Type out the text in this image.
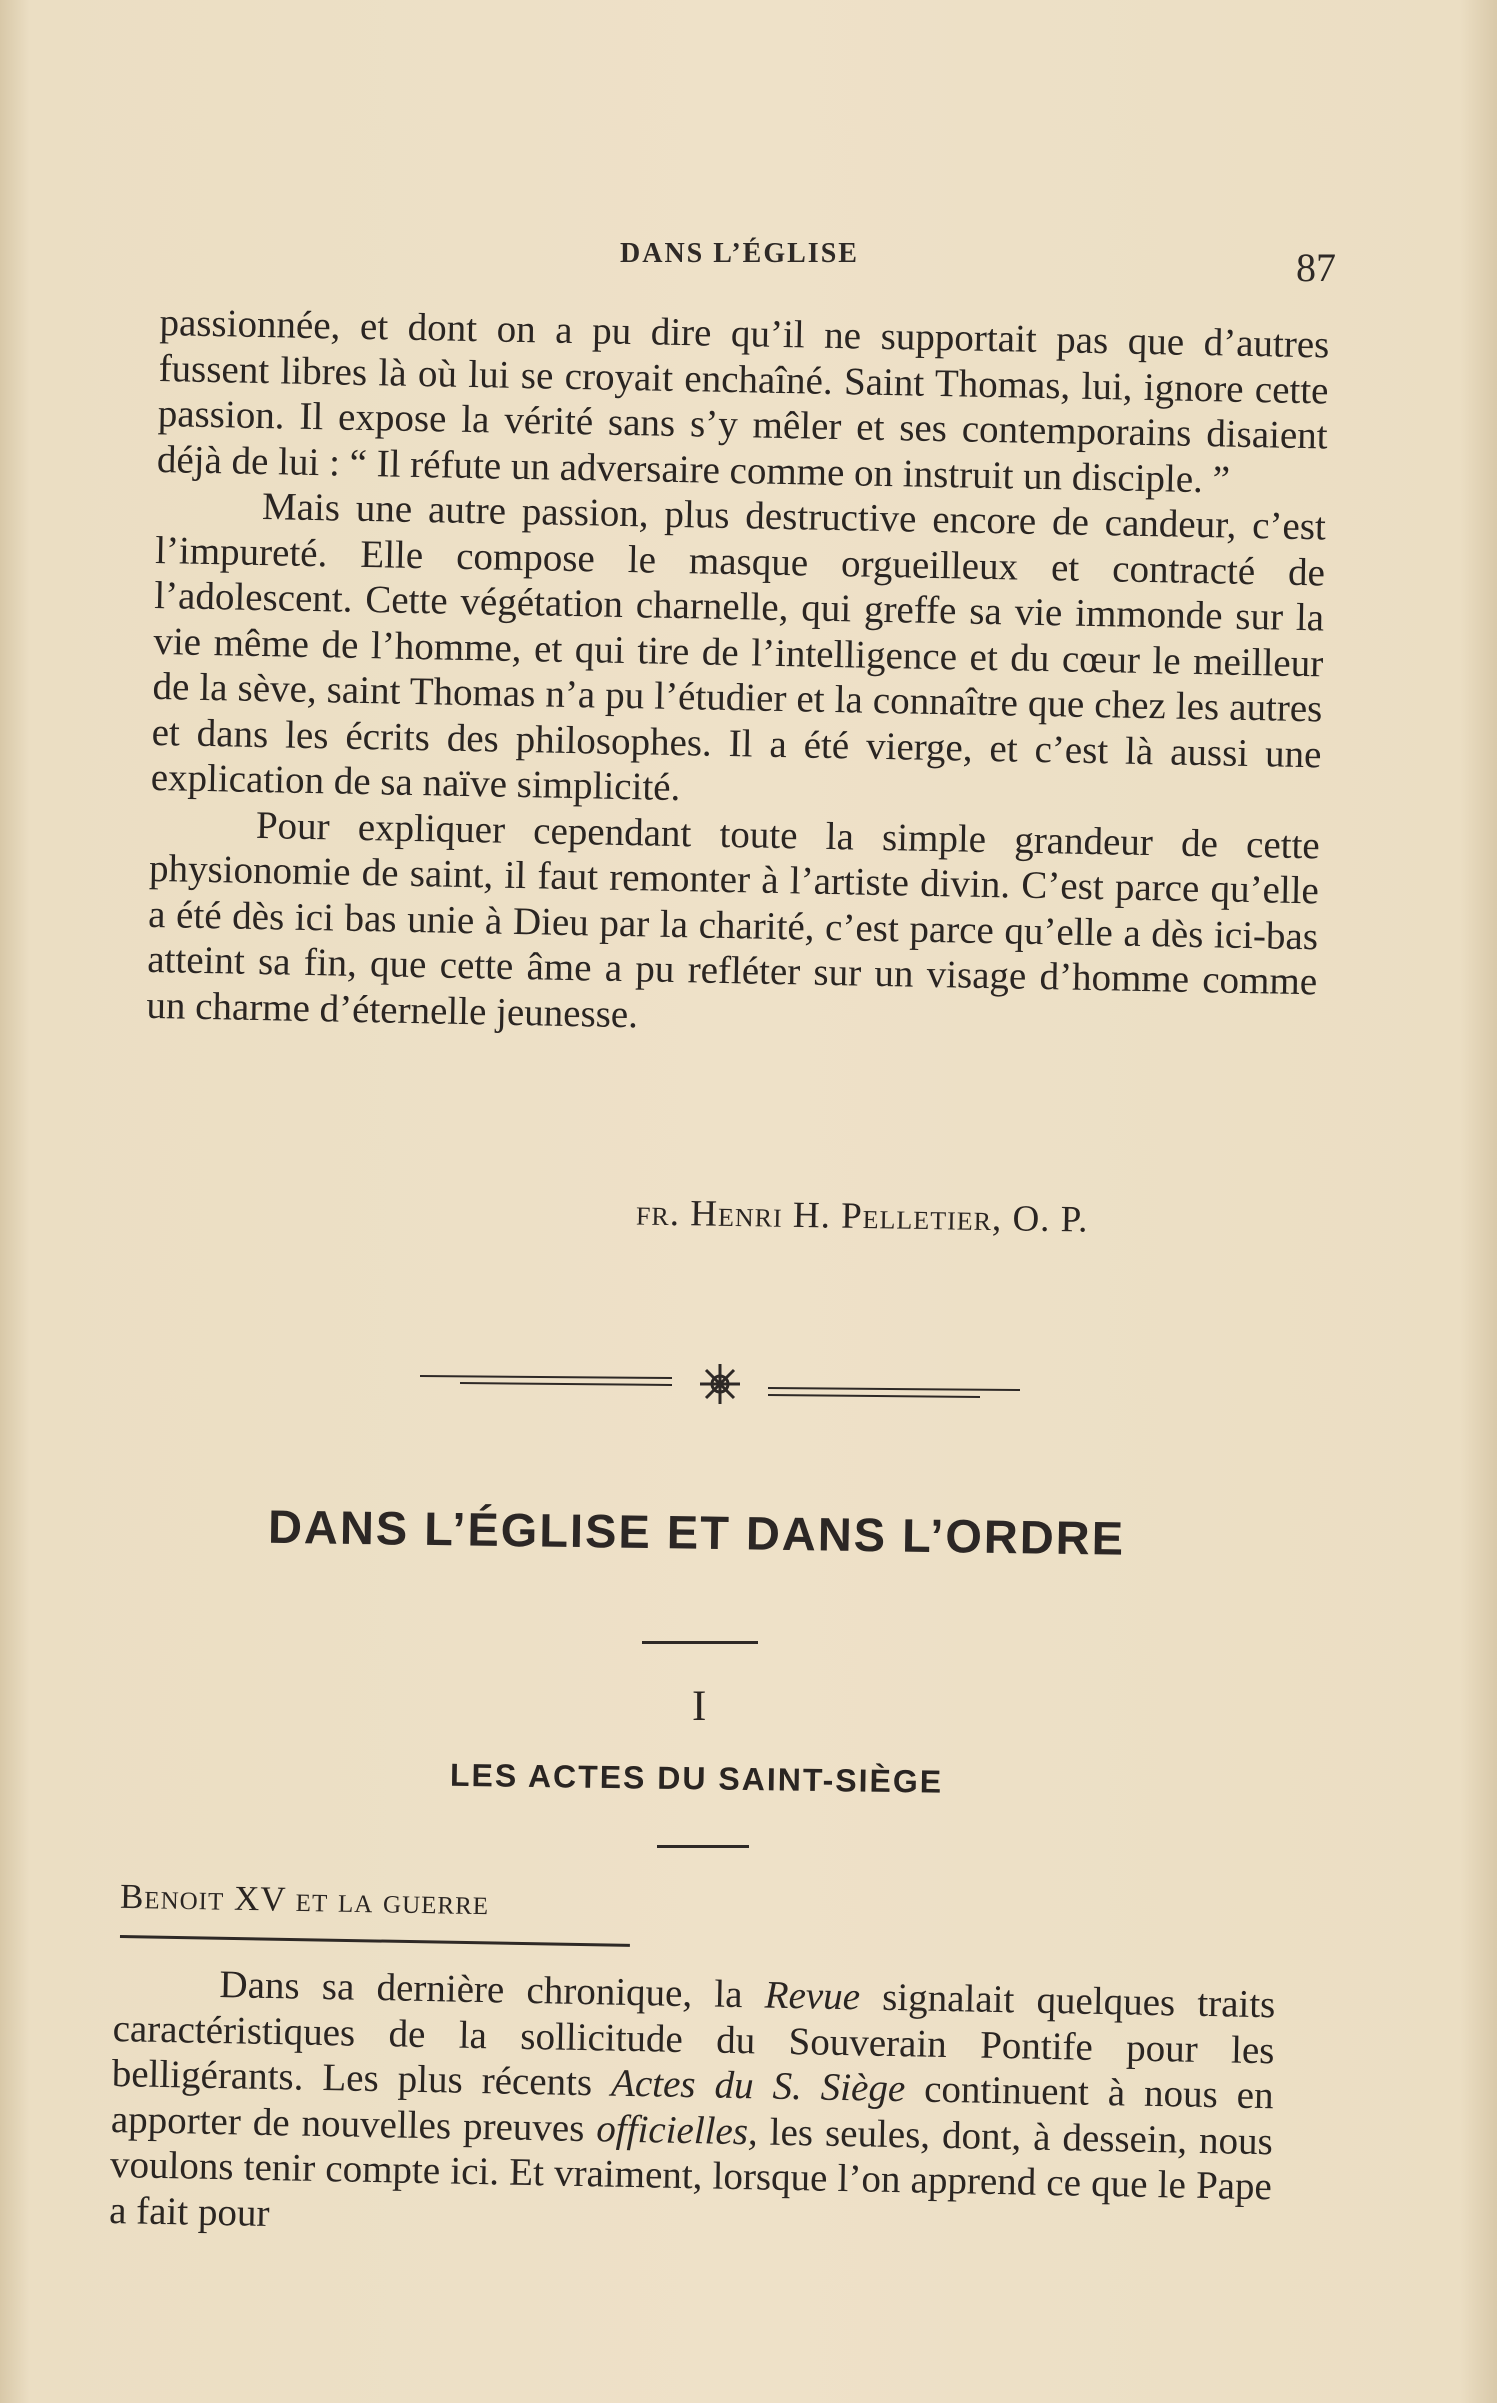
DANS L’ÉGLISE	87

passionnée, et dont on a pu dire qu’il ne supportait pas que d’autres fussent libres là où lui se croyait enchaîné. Saint Thomas, lui, ignore cette passion. Il expose la vérité sans s’y mêler et ses contemporains disaient déjà de lui : “ Il réfute un adversaire comme on instruit un disciple. ”

Mais une autre passion, plus destructive encore de candeur, c’est l’impureté. Elle compose le masque orgueilleux et contracté de l’adolescent. Cette végétation charnelle, qui greffe sa vie immonde sur la vie même de l’homme, et qui tire de l’intelligence et du cœur le meilleur de la sève, saint Thomas n’a pu l’étudier et la connaître que chez les autres et dans les écrits des philosophes. Il a été vierge, et c’est là aussi une explication de sa naïve simplicité.

Pour expliquer cependant toute la simple grandeur de cette physionomie de saint, il faut remonter à l’artiste divin. C’est parce qu’elle a été dès ici bas unie à Dieu par la charité, c’est parce qu’elle a dès ici-bas atteint sa fin, que cette âme a pu refléter sur un visage d’homme comme un charme d’éternelle jeunesse.

fr. Henri H. Pelletier, O. P.
DANS L’ÉGLISE ET DANS L’ORDRE
I
LES ACTES DU SAINT-SIÈGE
Benoit XV et la guerre

Dans sa dernière chronique, la Revue signalait quelques traits caractéristiques de la sollicitude du Souverain Pontife pour les belligérants. Les plus récents Actes du S. Siège continuent à nous en apporter de nouvelles preuves officielles, les seules, dont, à dessein, nous voulons tenir compte ici. Et vraiment, lorsque l’on apprend ce que le Pape a fait pour
